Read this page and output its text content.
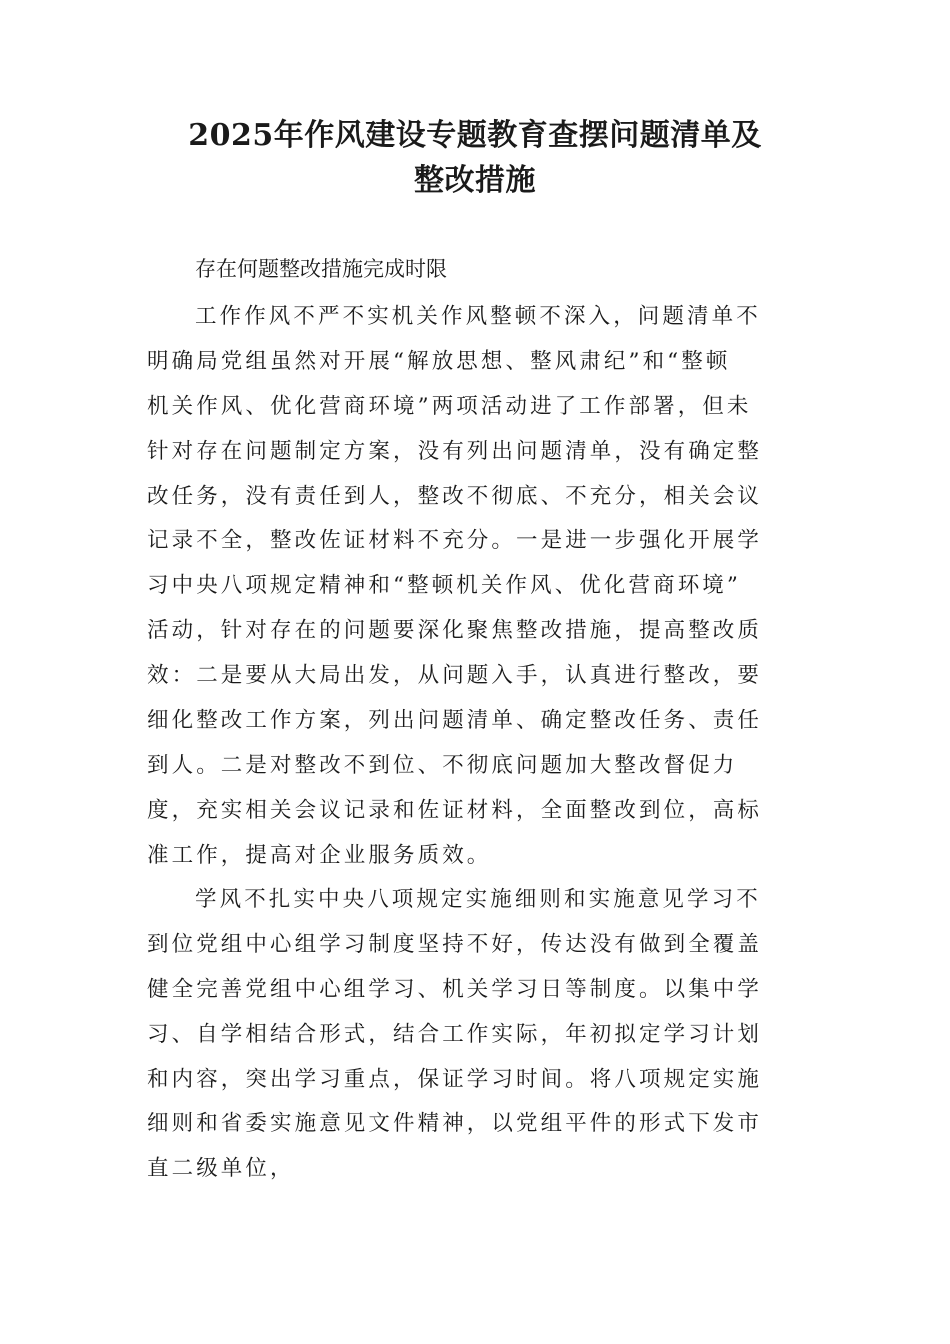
2025年作风建设专题教育查摆问题清单及
整改措施
存在何题整改措施完成时限
工作作风不严不实机关作风整顿不深入，问题清单不
明确局党组虽然对开展“解放思想、整风肃纪”和“整顿
机关作风、优化营商环境”两项活动进了工作部署，但未
针对存在问题制定方案，没有列出问题清单，没有确定整
改任务，没有责任到人，整改不彻底、不充分，相关会议
记录不全，整改佐证材料不充分。一是进一步强化开展学
习中央八项规定精神和“整顿机关作风、优化营商环境”
活动，针对存在的问题要深化聚焦整改措施，提高整改质
效：二是要从大局出发，从问题入手，认真进行整改，要
细化整改工作方案，列出问题清单、确定整改任务、责任
到人。二是对整改不到位、不彻底问题加大整改督促力
度，充实相关会议记录和佐证材料，全面整改到位，高标
准工作，提高对企业服务质效。
学风不扎实中央八项规定实施细则和实施意见学习不
到位党组中心组学习制度坚持不好，传达没有做到全覆盖
健全完善党组中心组学习、机关学习日等制度。以集中学
习、自学相结合形式，结合工作实际，年初拟定学习计划
和内容，突出学习重点，保证学习时间。将八项规定实施
细则和省委实施意见文件精神，以党组平件的形式下发市
直二级单位，
